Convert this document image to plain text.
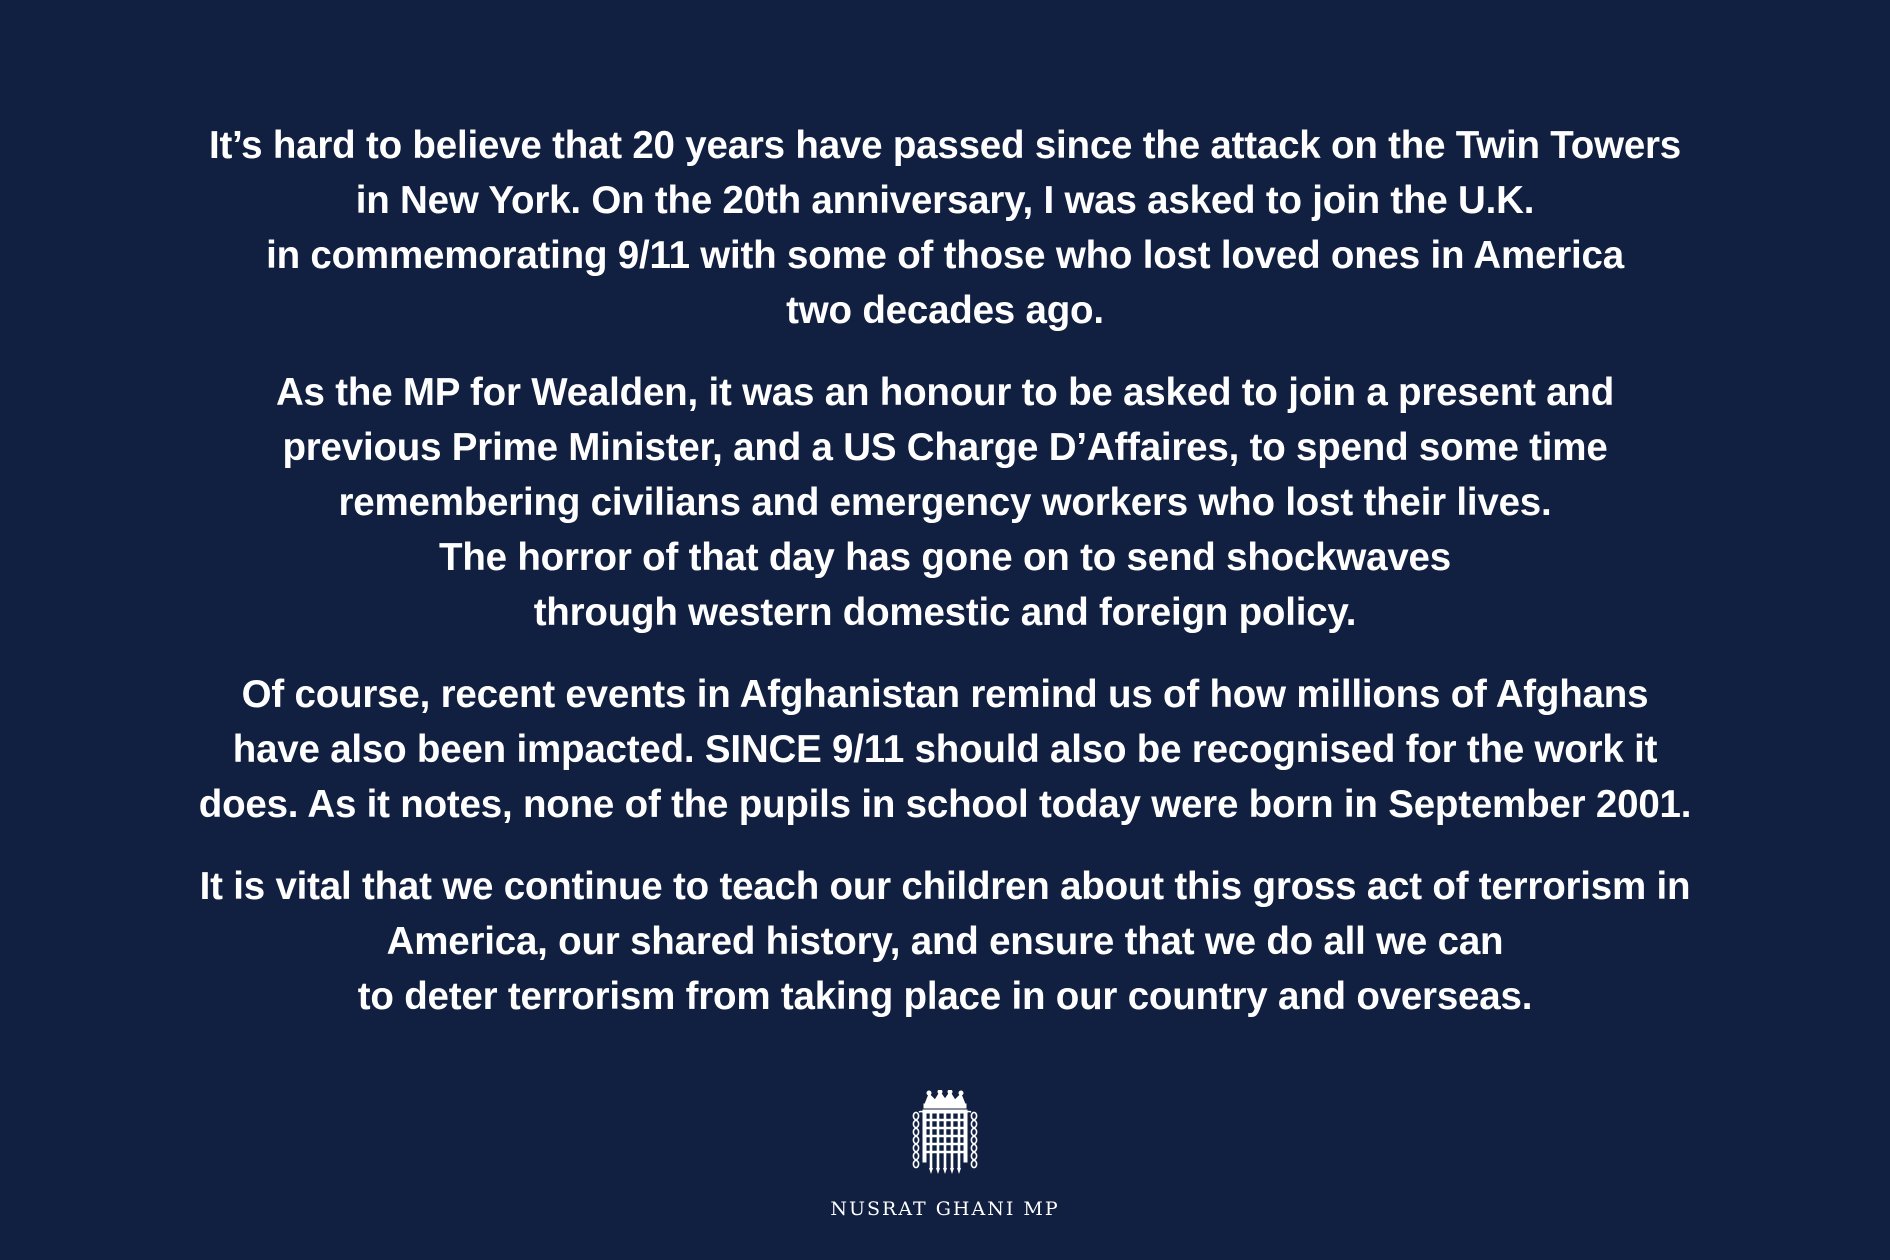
It’s hard to believe that 20 years have passed since the attack on the Twin Towers
in New York. On the 20th anniversary, I was asked to join the U.K.
in commemorating 9/11 with some of those who lost loved ones in America
two decades ago.
As the MP for Wealden, it was an honour to be asked to join a present and
previous Prime Minister, and a US Charge D’Affaires, to spend some time
remembering civilians and emergency workers who lost their lives.
The horror of that day has gone on to send shockwaves
through western domestic and foreign policy.
Of course, recent events in Afghanistan remind us of how millions of Afghans
have also been impacted. SINCE 9/11 should also be recognised for the work it
does. As it notes, none of the pupils in school today were born in September 2001.
It is vital that we continue to teach our children about this gross act of terrorism in
America, our shared history, and ensure that we do all we can
to deter terrorism from taking place in our country and overseas.
NUSRAT GHANI MP
